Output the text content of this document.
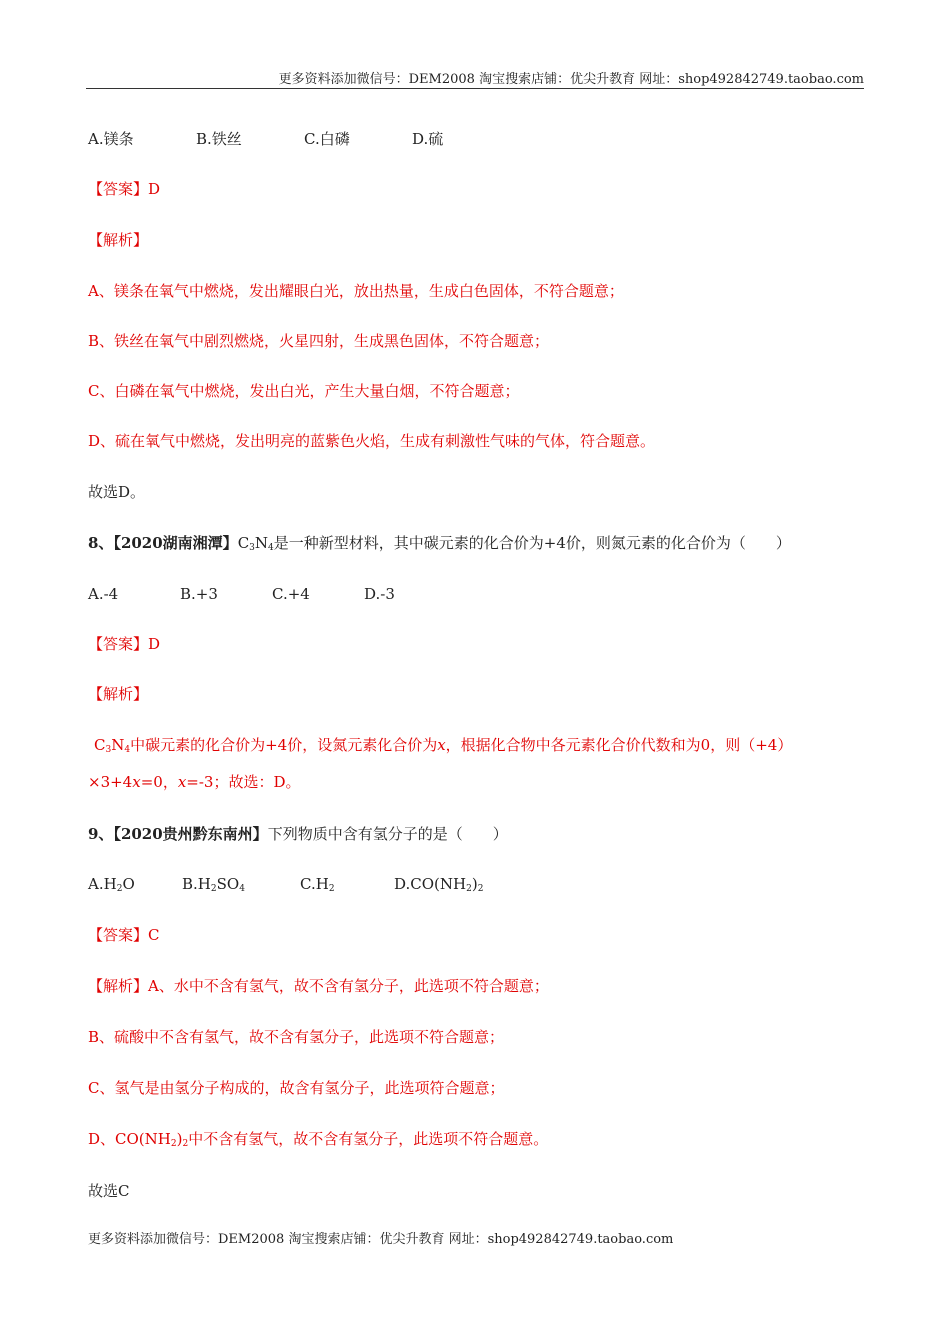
更多资料添加微信号：DEM2008 淘宝搜索店铺：优尖升教育 网址：shop492842749.taobao.com
A.镁条	B.铁丝	C.白磷	D.硫
【答案】D
【解析】
A、镁条在氧气中燃烧，发出耀眼白光，放出热量，生成白色固体，不符合题意；
B、铁丝在氧气中剧烈燃烧，火星四射，生成黑色固体，不符合题意；
C、白磷在氧气中燃烧，发出白光，产生大量白烟，不符合题意；
D、硫在氧气中燃烧，发出明亮的蓝紫色火焰，生成有刺激性气味的气体，符合题意。
故选D。
8、【2020湖南湘潭】$C_3N_4$是一种新型材料，其中碳元素的化合价为+4价，则氮元素的化合价为（　　）
A.-4	B.+3	C.+4	D.-3
【答案】D
【解析】
$C_3N_4$中碳元素的化合价为+4价，设氮元素化合价为x，根据化合物中各元素化合价代数和为0，则（+4）
×3+4x=0，x=-3；故选：D。
9、【2020贵州黔东南州】下列物质中含有氢分子的是（　　）
$A.H_2O$	$B.H_2SO_4$	$C.H_2$	$D.CO(NH_2)_2$
【答案】C
【解析】A、水中不含有氢气，故不含有氢分子，此选项不符合题意；
B、硫酸中不含有氢气，故不含有氢分子，此选项不符合题意；
C、氢气是由氢分子构成的，故含有氢分子，此选项符合题意；
D、$CO(NH_2)_2$中不含有氢气，故不含有氢分子，此选项不符合题意。
故选C
更多资料添加微信号：DEM2008 淘宝搜索店铺：优尖升教育 网址：shop492842749.taobao.com
